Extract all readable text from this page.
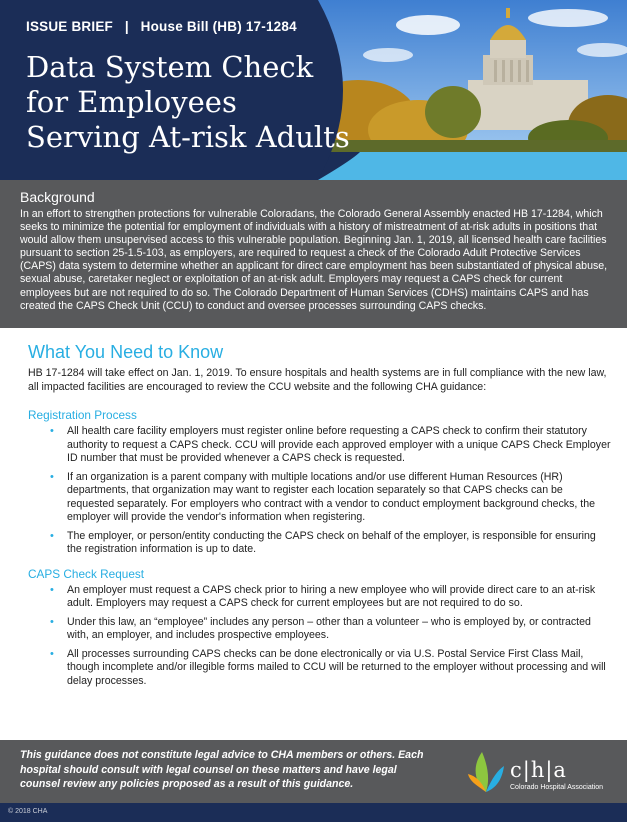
ISSUE BRIEF   |   House Bill (HB) 17-1284
Data System Check
for Employees
Serving At-risk Adults
Background
In an effort to strengthen protections for vulnerable Coloradans, the Colorado General Assembly enacted HB 17-1284, which seeks to minimize the potential for employment of individuals with a history of mistreatment of at-risk adults in positions that would allow them unsupervised access to this vulnerable population. Beginning Jan. 1, 2019, all licensed health care facilities pursuant to section 25-1.5-103, as employers, are required to request a check of the Colorado Adult Protective Services (CAPS) data system to determine whether an applicant for direct care employment has been substantiated of physical abuse, sexual abuse, caretaker neglect or exploitation of an at-risk adult. Employers may request a CAPS check for current employees but are not required to do so. The Colorado Department of Human Services (CDHS) maintains CAPS and has created the CAPS Check Unit (CCU) to conduct and oversee processes surrounding CAPS checks.
What You Need to Know
HB 17-1284 will take effect on Jan. 1, 2019. To ensure hospitals and health systems are in full compliance with the new law, all impacted facilities are encouraged to review the CCU website and the following CHA guidance:
Registration Process
• All health care facility employers must register online before requesting a CAPS check to confirm their statutory authority to request a CAPS check. CCU will provide each approved employer with a unique CAPS Check Employer ID number that must be provided whenever a CAPS check is requested.
• If an organization is a parent company with multiple locations and/or use different Human Resources (HR) departments, that organization may want to register each location separately so that CAPS checks can be requested separately. For employers who contract with a vendor to conduct employment background checks, the employer will provide the vendor's information when registering.
• The employer, or person/entity conducting the CAPS check on behalf of the employer, is responsible for ensuring the registration information is up to date.
CAPS Check Request
• An employer must request a CAPS check prior to hiring a new employee who will provide direct care to an at-risk adult. Employers may request a CAPS check for current employees but are not required to do so.
• Under this law, an “employee” includes any person – other than a volunteer – who is employed by, or contracted with, an employer, and includes prospective employees.
• All processes surrounding CAPS checks can be done electronically or via U.S. Postal Service First Class Mail, though incomplete and/or illegible forms mailed to CCU will be returned to the employer without processing and will delay processes.
This guidance does not constitute legal advice to CHA members or others. Each hospital should consult with legal counsel on these matters and have legal counsel review any policies proposed as a result of this guidance.
c|h|a
Colorado Hospital Association
© 2018 CHA
